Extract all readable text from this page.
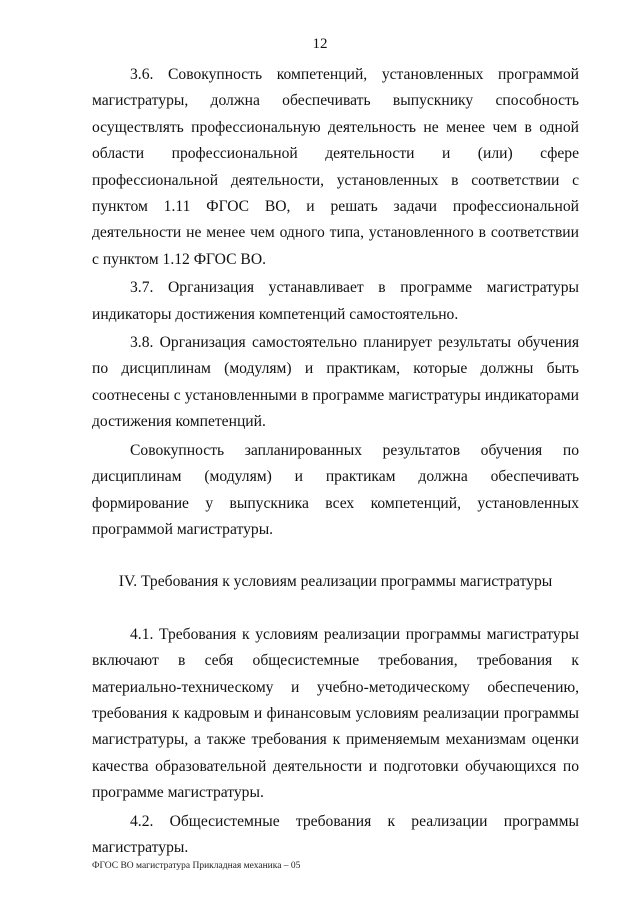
12

3.6. Совокупность компетенций, установленных программой магистратуры, должна обеспечивать выпускнику способность осуществлять профессиональную деятельность не менее чем в одной области профессиональной деятельности и (или) сфере профессиональной деятельности, установленных в соответствии с пунктом 1.11 ФГОС ВО, и решать задачи профессиональной деятельности не менее чем одного типа, установленного в соответствии с пунктом 1.12 ФГОС ВО.

3.7. Организация устанавливает в программе магистратуры индикаторы достижения компетенций самостоятельно.

3.8. Организация самостоятельно планирует результаты обучения по дисциплинам (модулям) и практикам, которые должны быть соотнесены с установленными в программе магистратуры индикаторами достижения компетенций.

Совокупность запланированных результатов обучения по дисциплинам (модулям) и практикам должна обеспечивать формирование у выпускника всех компетенций, установленных программой магистратуры.

IV. Требования к условиям реализации программы магистратуры

4.1. Требования к условиям реализации программы магистратуры включают в себя общесистемные требования, требования к материально-техническому и учебно-методическому обеспечению, требования к кадровым и финансовым условиям реализации программы магистратуры, а также требования к применяемым механизмам оценки качества образовательной деятельности и подготовки обучающихся по программе магистратуры.

4.2. Общесистемные требования к реализации программы магистратуры.

ФГОС ВО магистратура Прикладная механика – 05
